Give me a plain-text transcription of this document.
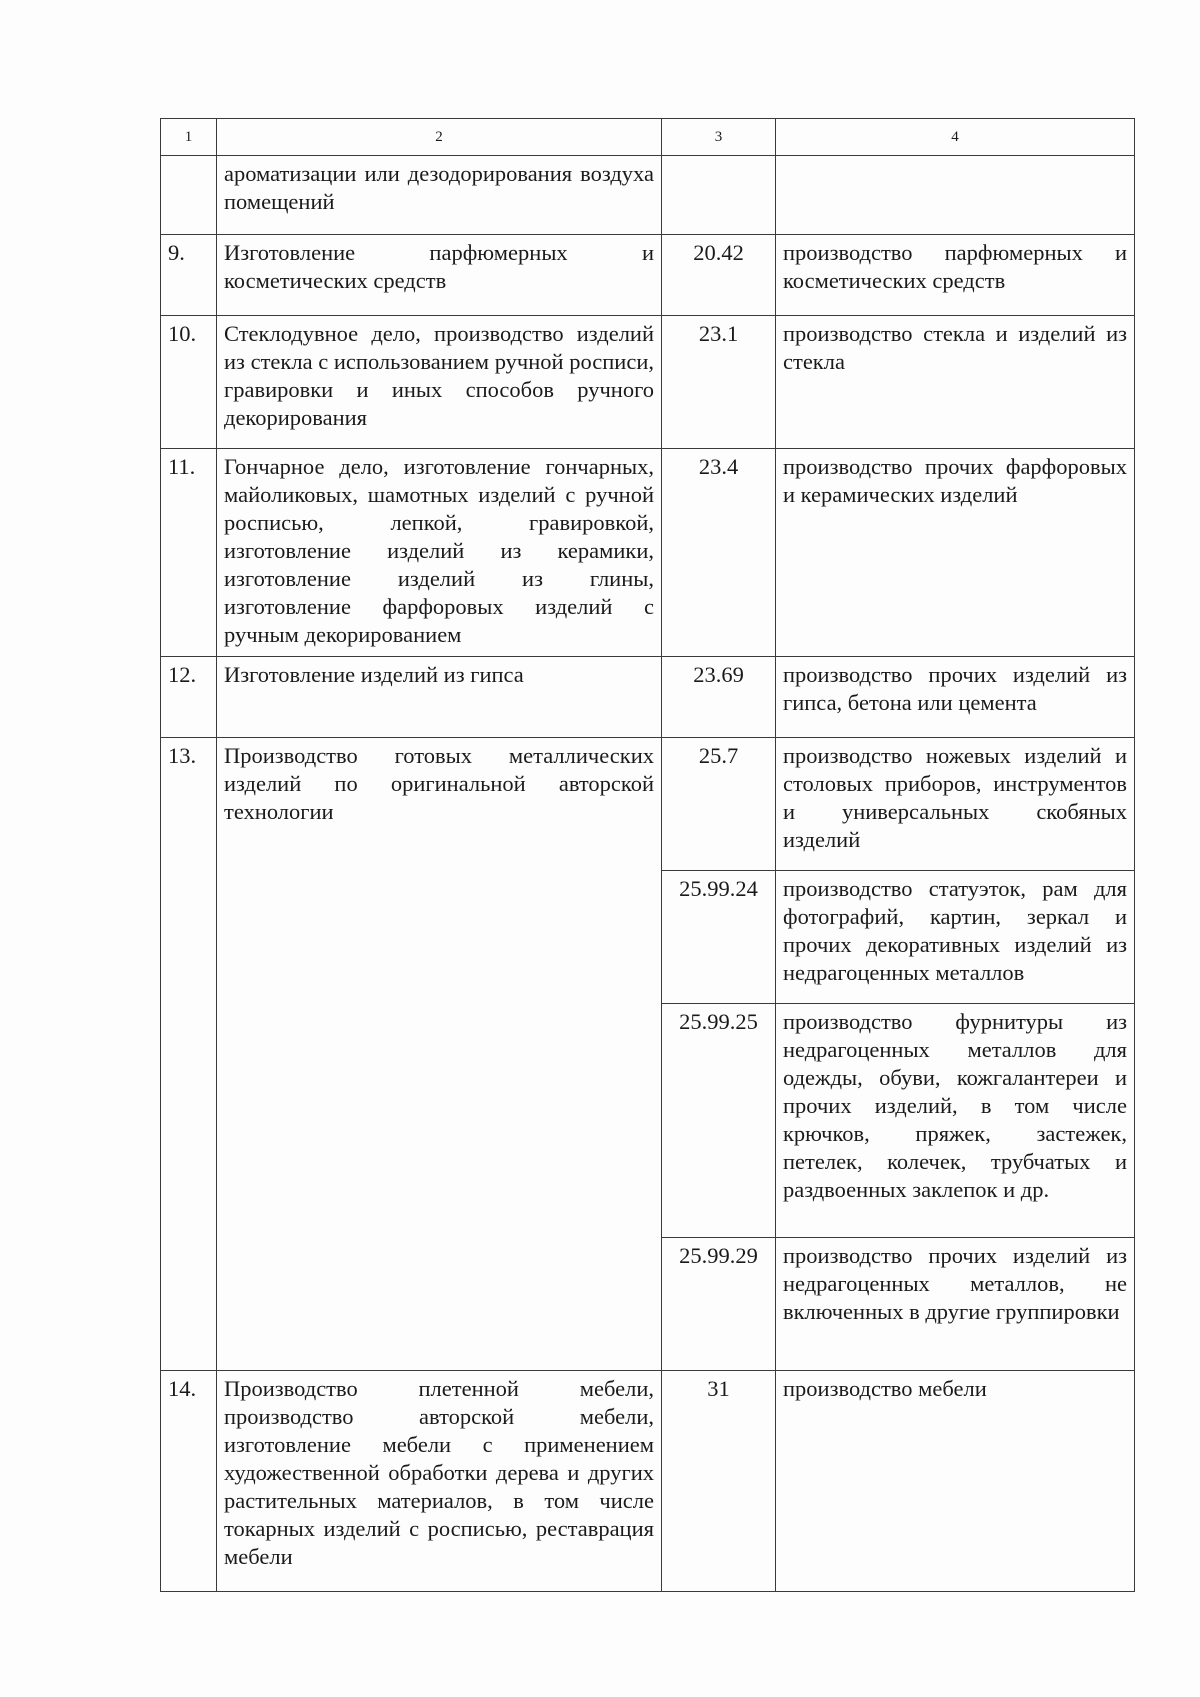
1	2	3	4
	ароматизации или дезодорирования воздуха помещений		
9.	Изготовление парфюмерных и косметических средств	20.42	производство парфюмерных и косметических средств
10.	Стеклодувное дело, производство изделий из стекла с использованием ручной росписи, гравировки и иных способов ручного декорирования	23.1	производство стекла и изделий из стекла
11.	Гончарное дело, изготовление гончарных, майоликовых, шамотных изделий с ручной росписью, лепкой, гравировкой, изготовление изделий из керамики, изготовление изделий из глины, изготовление фарфоровых изделий с ручным декорированием	23.4	производство прочих фарфоровых и керамических изделий
12.	Изготовление изделий из гипса	23.69	производство прочих изделий из гипса, бетона или цемента
13.	Производство готовых металлических изделий по оригинальной авторской технологии	25.7	производство ножевых изделий и столовых приборов, инструментов и универсальных скобяных изделий
		25.99.24	производство статуэток, рам для фотографий, картин, зеркал и прочих декоративных изделий из недрагоценных металлов
		25.99.25	производство фурнитуры из недрагоценных металлов для одежды, обуви, кожгалантереи и прочих изделий, в том числе крючков, пряжек, застежек, петелек, колечек, трубчатых и раздвоенных заклепок и др.
		25.99.29	производство прочих изделий из недрагоценных металлов, не включенных в другие группировки
14.	Производство плетенной мебели, производство авторской мебели, изготовление мебели с применением художественной обработки дерева и других растительных материалов, в том числе токарных изделий с росписью, реставрация мебели	31	производство мебели
